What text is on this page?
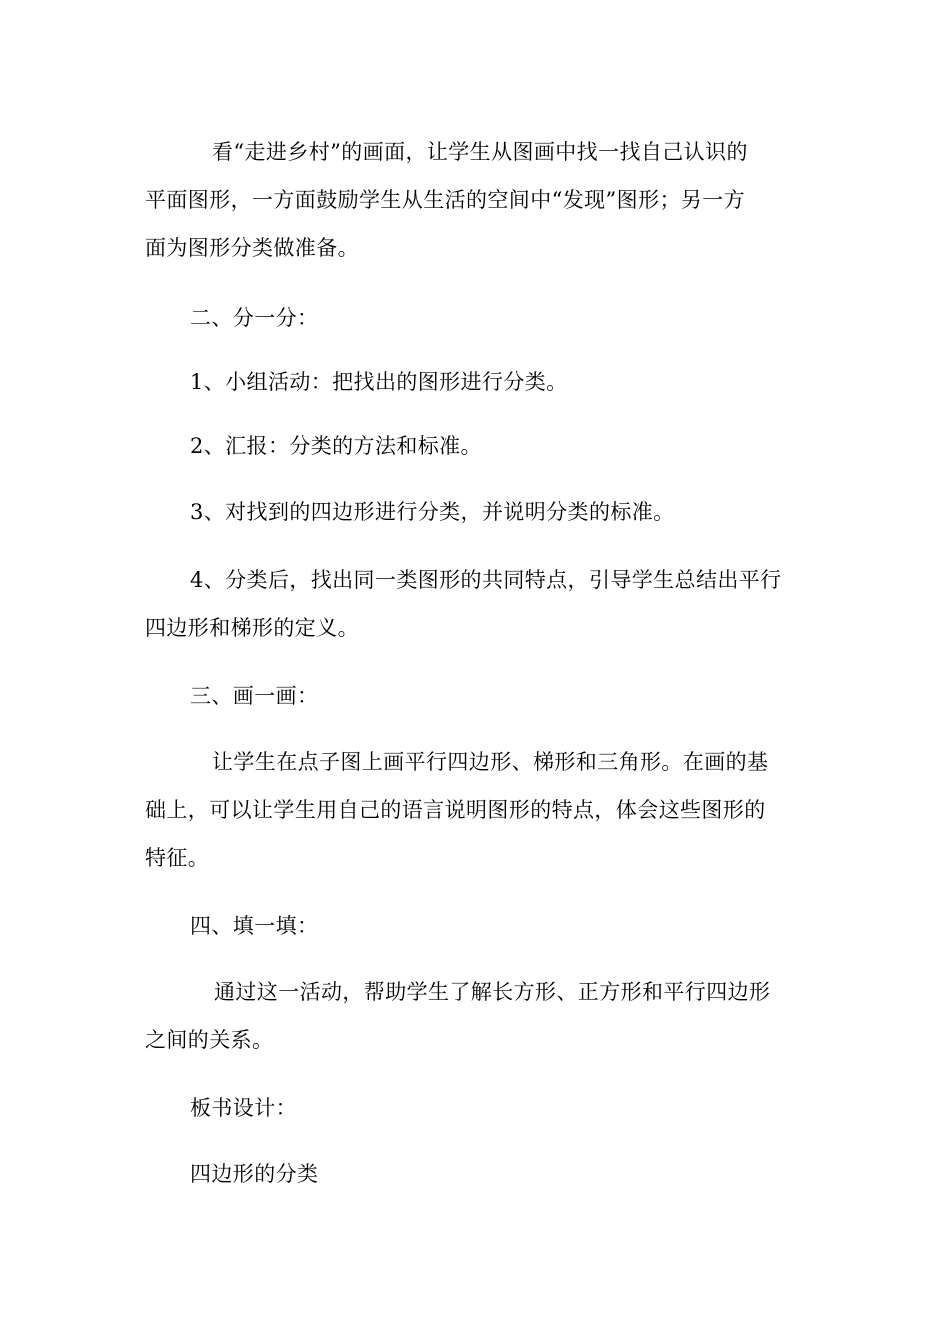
看“走进乡村”的画面，让学生从图画中找一找自己认识的
平面图形，一方面鼓励学生从生活的空间中“发现”图形；另一方
面为图形分类做准备。
二、分一分：
1、小组活动：把找出的图形进行分类。
2、汇报：分类的方法和标准。
3、对找到的四边形进行分类，并说明分类的标准。
4、分类后，找出同一类图形的共同特点，引导学生总结出平行
四边形和梯形的定义。
三、画一画：
让学生在点子图上画平行四边形、梯形和三角形。在画的基
础上，可以让学生用自己的语言说明图形的特点，体会这些图形的
特征。
四、填一填：
通过这一活动，帮助学生了解长方形、正方形和平行四边形
之间的关系。
板书设计：
四边形的分类
